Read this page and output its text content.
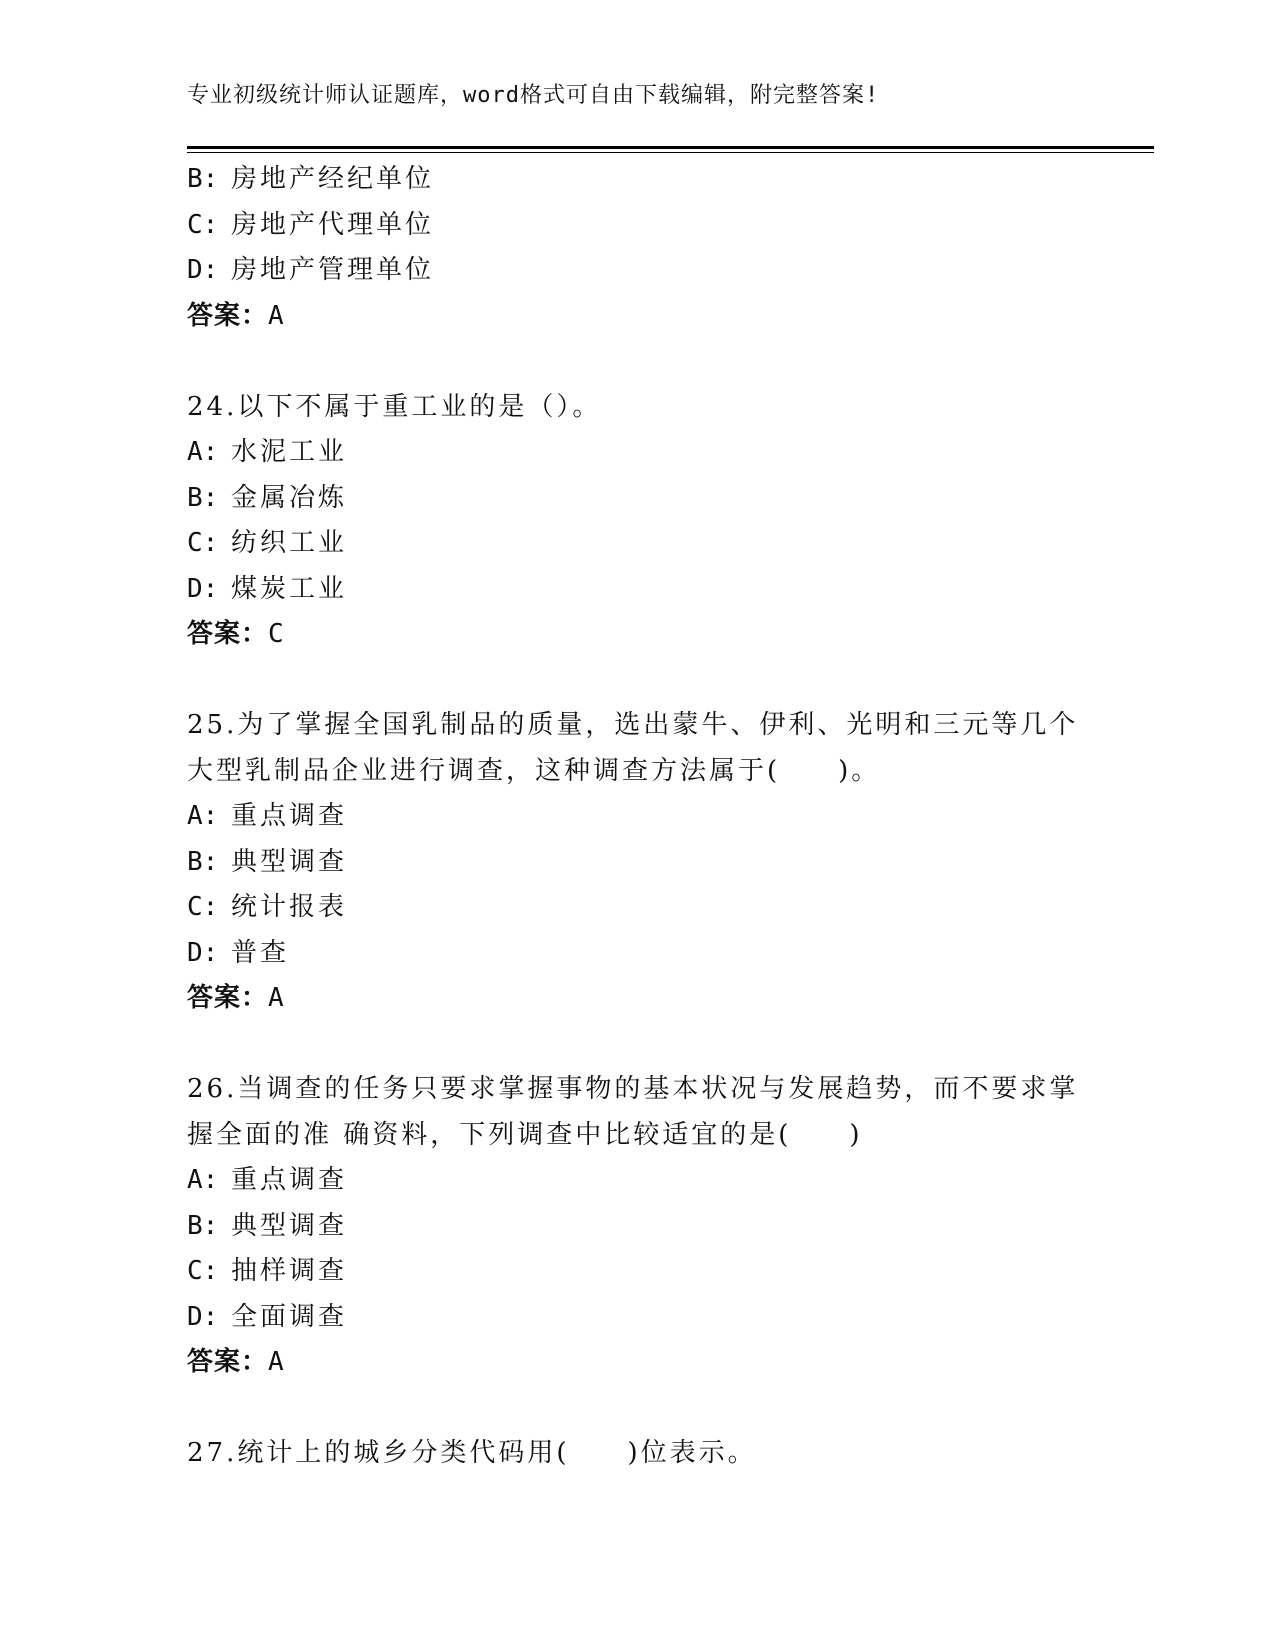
专业初级统计师认证题库，word格式可自由下载编辑，附完整答案!
B: 房地产经纪单位
C: 房地产代理单位
D: 房地产管理单位
答案：A
24.以下不属于重工业的是（）。
A: 水泥工业
B: 金属冶炼
C: 纺织工业
D: 煤炭工业
答案：C
25.为了掌握全国乳制品的质量，选出蒙牛、伊利、光明和三元等几个
大型乳制品企业进行调查，这种调查方法属于(　　)。
A: 重点调查
B: 典型调查
C: 统计报表
D: 普查
答案：A
26.当调查的任务只要求掌握事物的基本状况与发展趋势，而不要求掌
握全面的准 确资料，下列调查中比较适宜的是(　　)
A: 重点调查
B: 典型调查
C: 抽样调查
D: 全面调查
答案：A
27.统计上的城乡分类代码用(　　)位表示。
